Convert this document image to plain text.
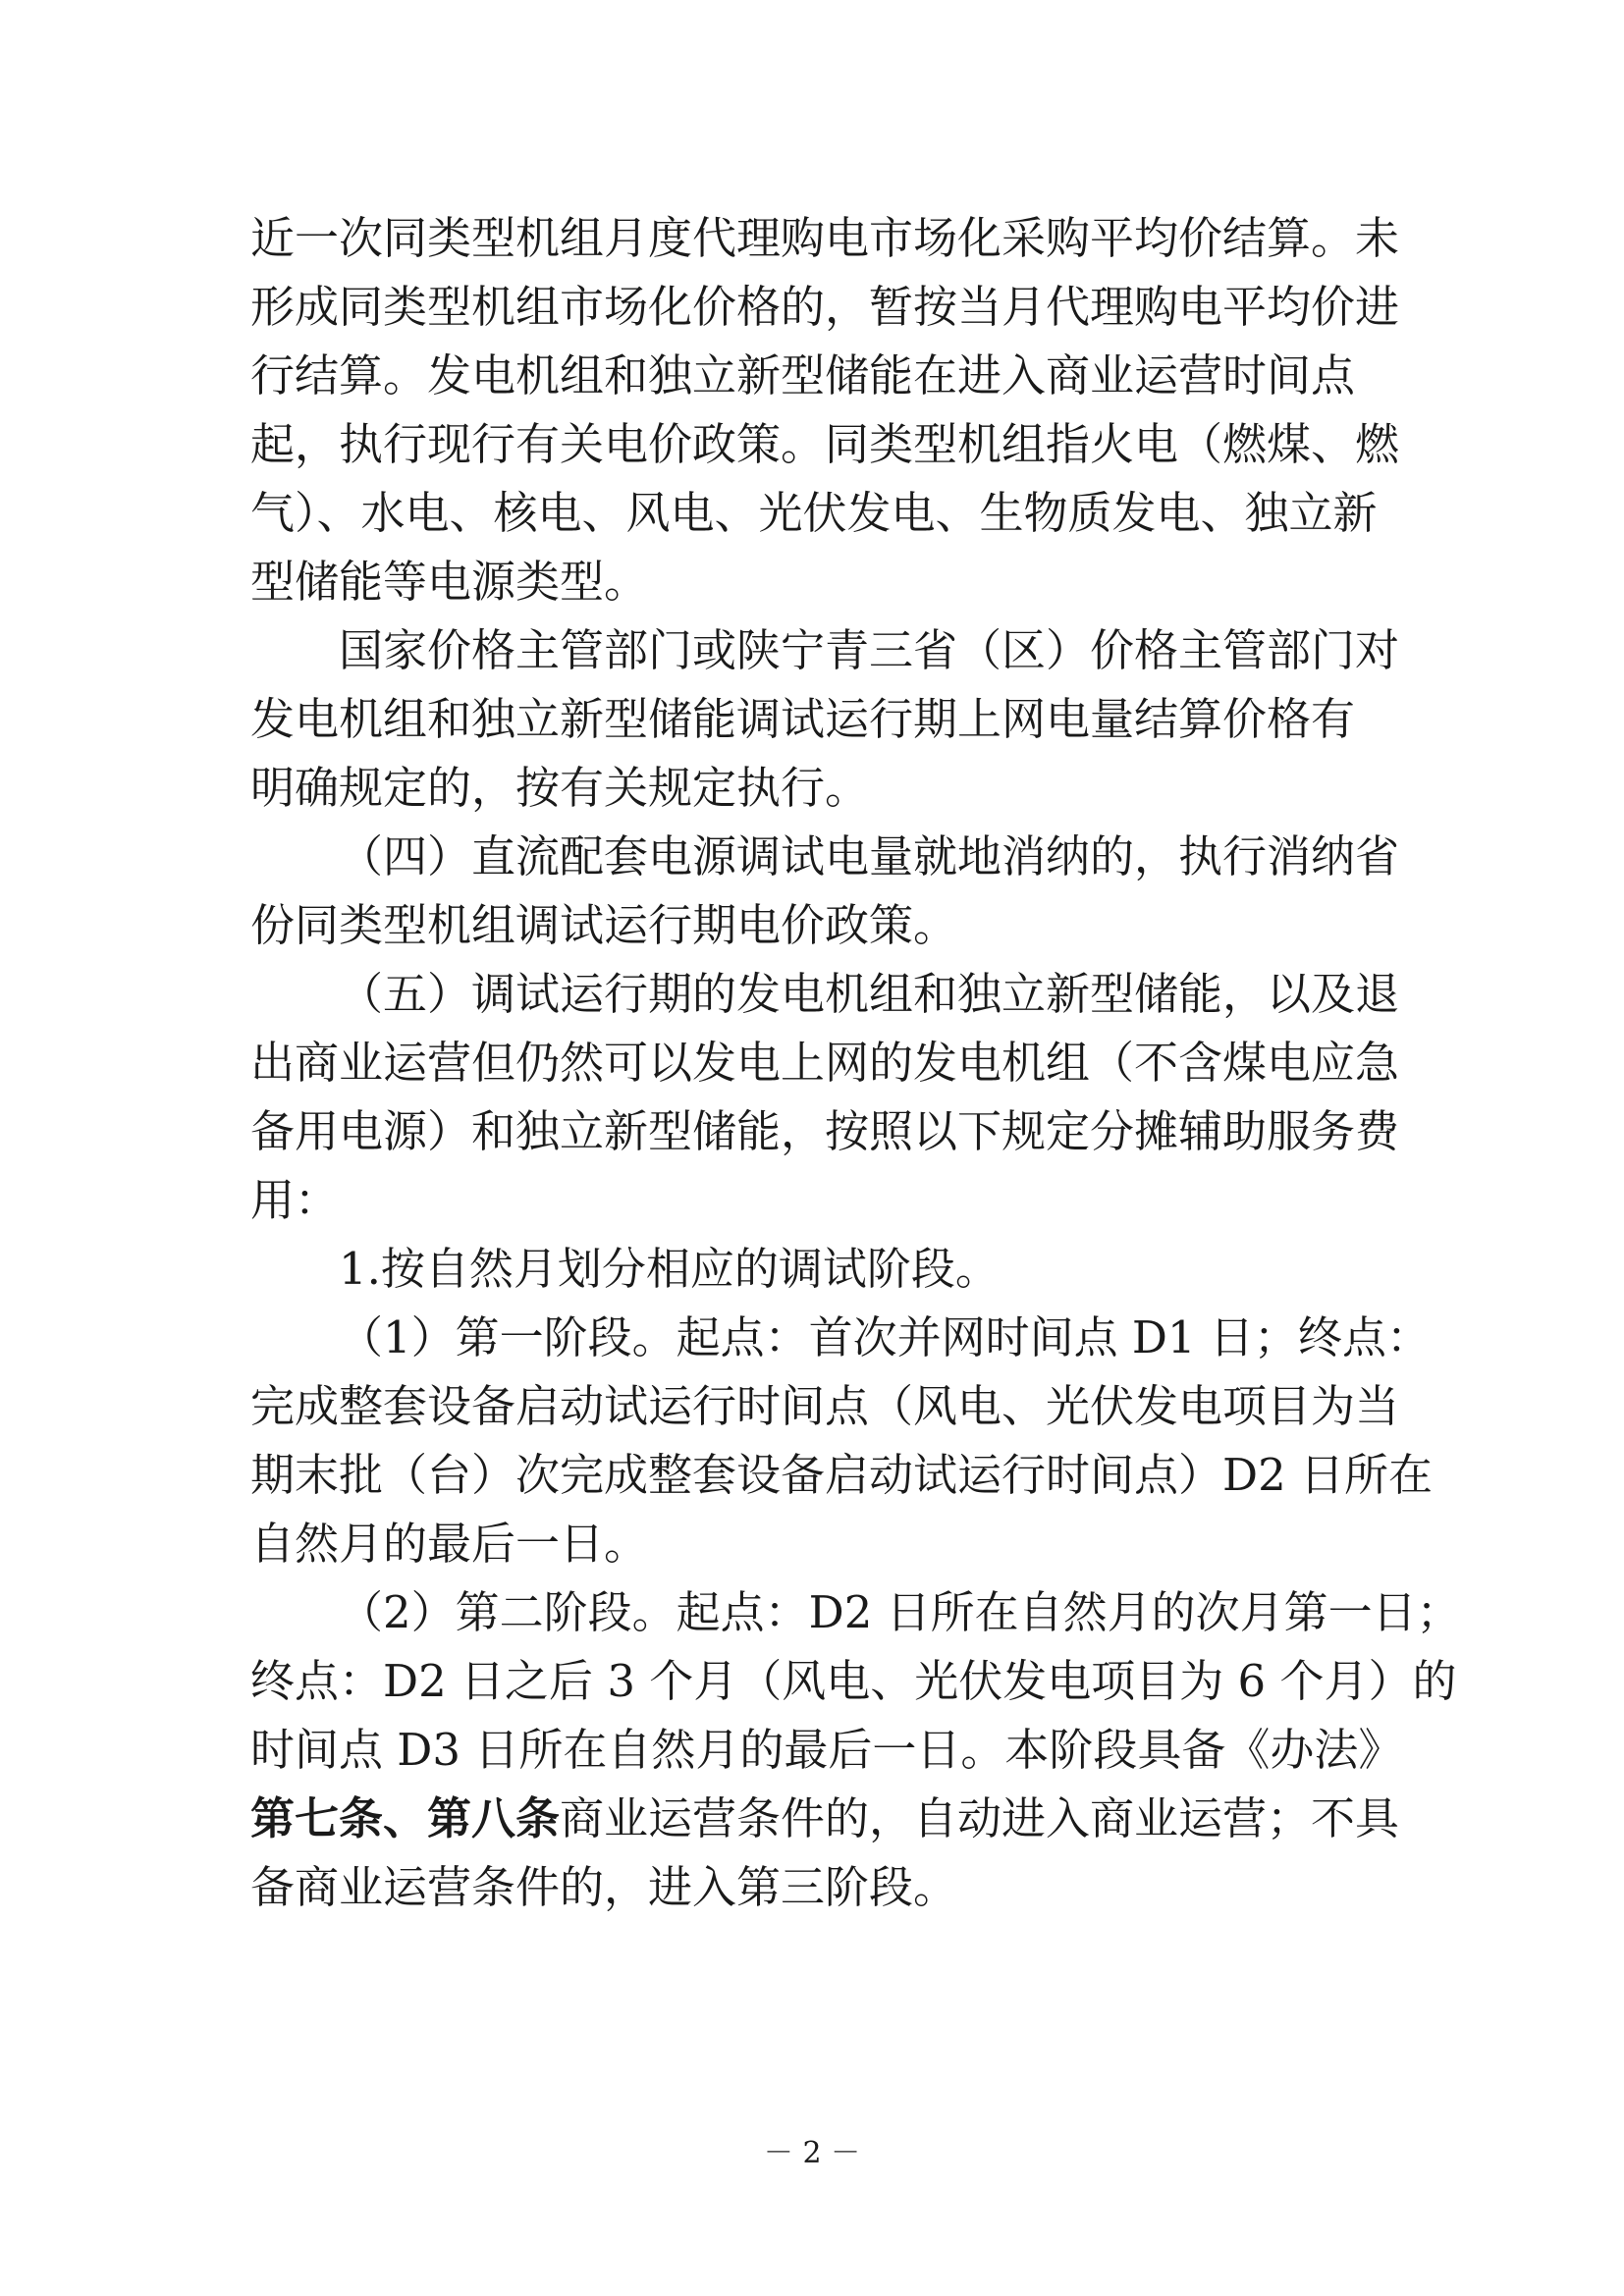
近一次同类型机组月度代理购电市场化采购平均价结算。未
形成同类型机组市场化价格的，暂按当月代理购电平均价进
行结算。发电机组和独立新型储能在进入商业运营时间点
起，执行现行有关电价政策。同类型机组指火电（燃煤、燃
气）、水电、核电、风电、光伏发电、生物质发电、独立新
型储能等电源类型。
国家价格主管部门或陕宁青三省（区）价格主管部门对
发电机组和独立新型储能调试运行期上网电量结算价格有
明确规定的，按有关规定执行。
（四）直流配套电源调试电量就地消纳的，执行消纳省
份同类型机组调试运行期电价政策。
（五）调试运行期的发电机组和独立新型储能，以及退
出商业运营但仍然可以发电上网的发电机组（不含煤电应急
备用电源）和独立新型储能，按照以下规定分摊辅助服务费
用：
1.按自然月划分相应的调试阶段。
（1）第一阶段。起点：首次并网时间点 D1 日；终点：
完成整套设备启动试运行时间点（风电、光伏发电项目为当
期末批（台）次完成整套设备启动试运行时间点）D2 日所在
自然月的最后一日。
（2）第二阶段。起点：D2 日所在自然月的次月第一日；
终点：D2 日之后 3 个月（风电、光伏发电项目为 6 个月）的
时间点 D3 日所在自然月的最后一日。本阶段具备《办法》
第七条、第八条商业运营条件的，自动进入商业运营；不具
备商业运营条件的，进入第三阶段。
－ 2 －
